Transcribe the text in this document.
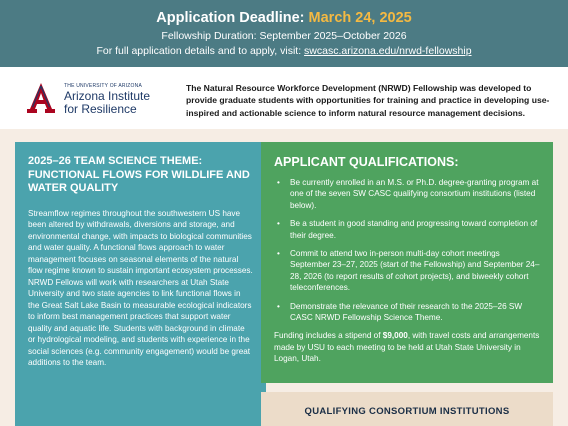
Application Deadline: March 24, 2025
Fellowship Duration: September 2025–October 2026
For full application details and to apply, visit: swcasc.arizona.edu/nrwd-fellowship
THE UNIVERSITY OF ARIZONA
Arizona Institute
for Resilience
The Natural Resource Workforce Development (NRWD) Fellowship was developed to provide graduate students with opportunities for training and practice in developing use-inspired and actionable science to inform natural resource management decisions.
2025–26 TEAM SCIENCE THEME: FUNCTIONAL FLOWS FOR WILDLIFE AND WATER QUALITY

Streamflow regimes throughout the southwestern US have been altered by withdrawals, diversions and storage, and environmental change, with impacts to biological communities and water quality. A functional flows approach to water management focuses on seasonal elements of the natural flow regime known to sustain important ecosystem processes. NRWD Fellows will work with researchers at Utah State University and two state agencies to link functional flows in the Great Salt Lake Basin to measurable ecological indicators to inform best management practices that support water quality and aquatic life. Students with background in climate or hydrological modeling, and students with experience in the social sciences (e.g. community engagement) would be great additions to the team.

APPLICANT QUALIFICATIONS:
• Be currently enrolled in an M.S. or Ph.D. degree-granting program at one of the seven SW CASC qualifying consortium institutions (listed below).
• Be a student in good standing and progressing toward completion of their degree.
• Commit to attend two in-person multi-day cohort meetings September 23–27, 2025 (start of the Fellowship) and September 24–28, 2026 (to report results of cohort projects), and biweekly cohort teleconferences.
• Demonstrate the relevance of their research to the 2025–26 SW CASC NRWD Fellowship Science Theme.
Funding includes a stipend of $9,000, with travel costs and arrangements made by USU to each meeting to be held at Utah State University in Logan, Utah.
QUALIFYING CONSORTIUM INSTITUTIONS
